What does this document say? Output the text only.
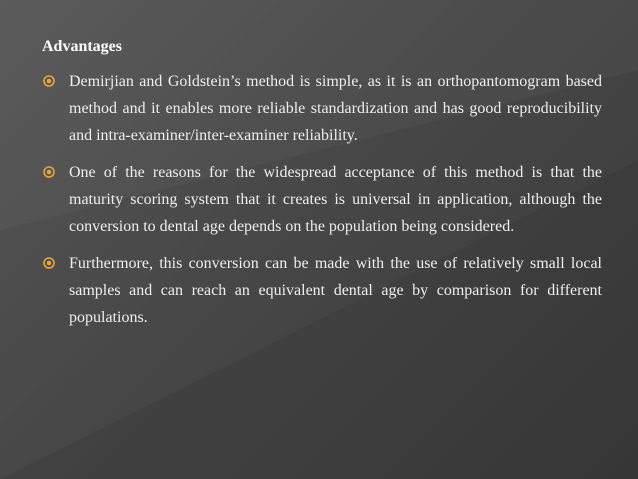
Advantages

Demirjian and Goldstein’s method is simple, as it is an orthopantomogram based method and it enables more reliable standardization and has good reproducibility and intra-examiner/inter-examiner reliability.

One of the reasons for the widespread acceptance of this method is that the maturity scoring system that it creates is universal in application, although the conversion to dental age depends on the population being considered.

Furthermore, this conversion can be made with the use of relatively small local samples and can reach an equivalent dental age by comparison for different populations.
